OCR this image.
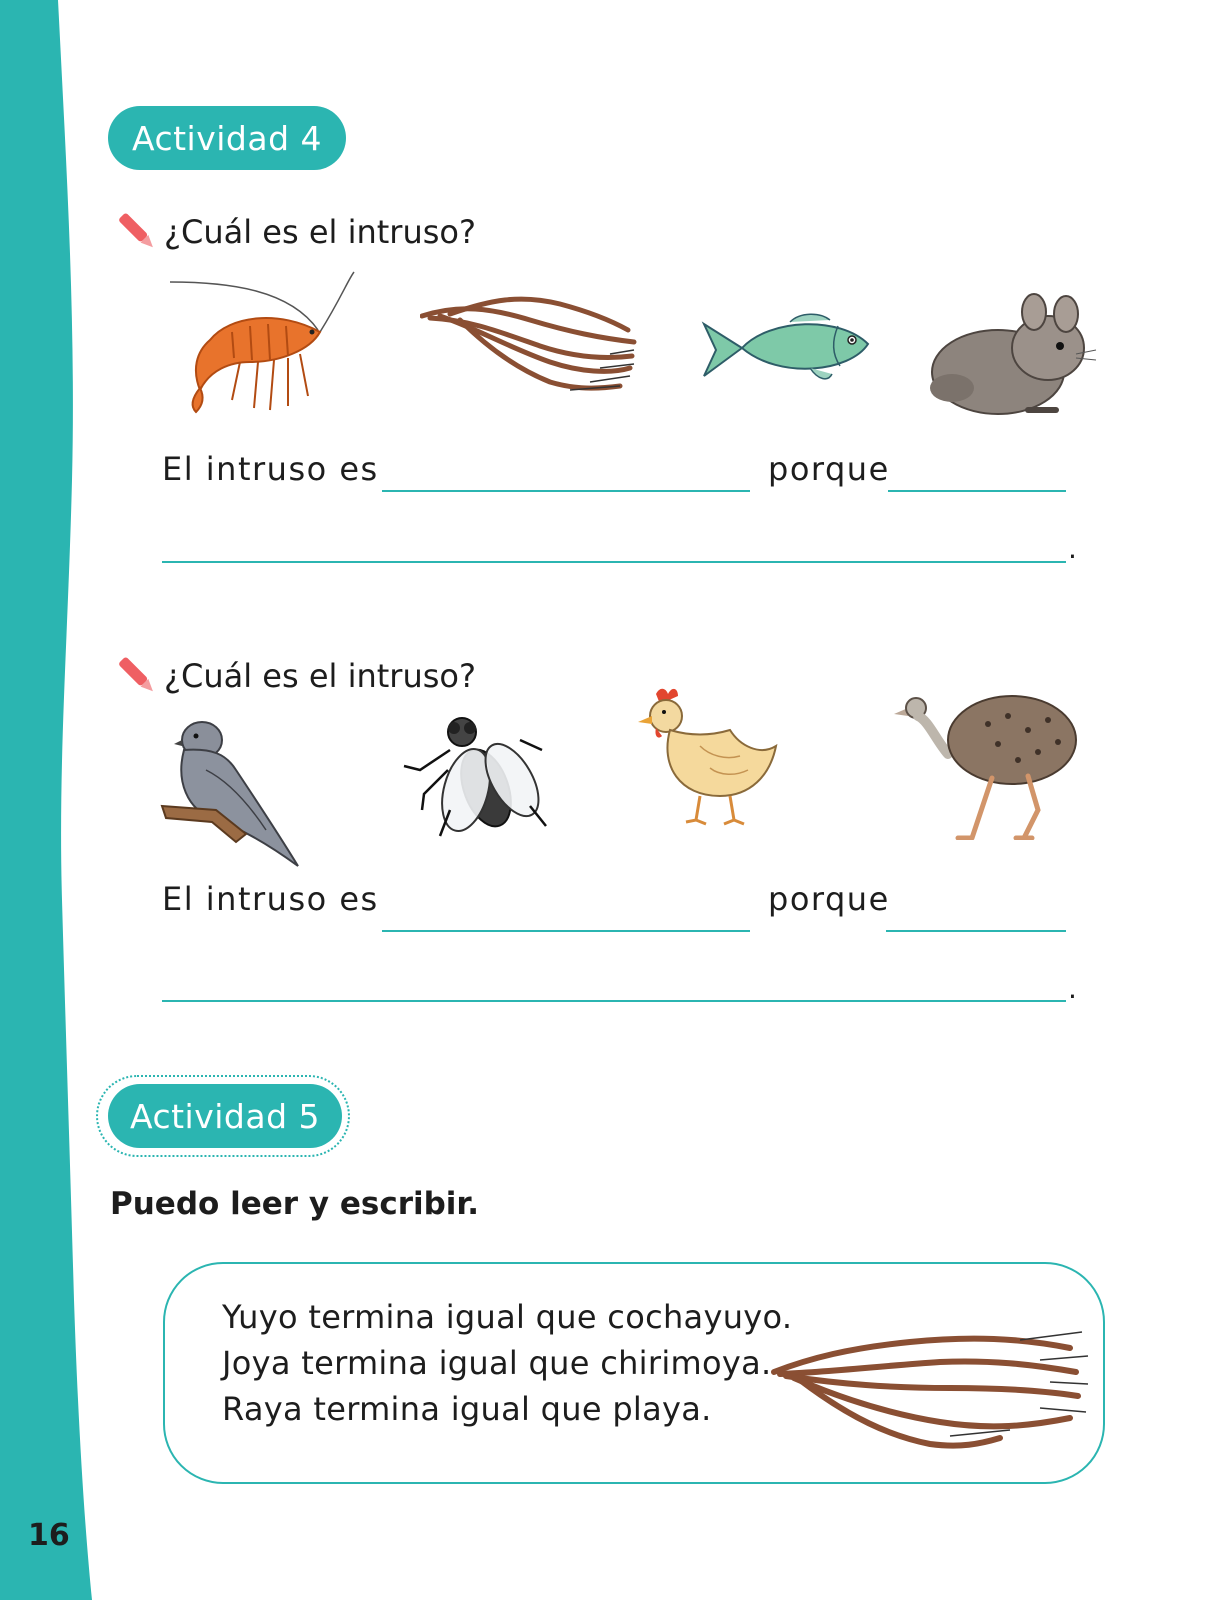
16
Actividad 4
¿Cuál es el intruso?
El intruso es	porque
.
¿Cuál es el intruso?
El intruso es	porque
.
Actividad 5
Puedo leer y escribir.
Yuyo termina igual que cochayuyo.
Joya termina igual que chirimoya.
Raya termina igual que playa.
